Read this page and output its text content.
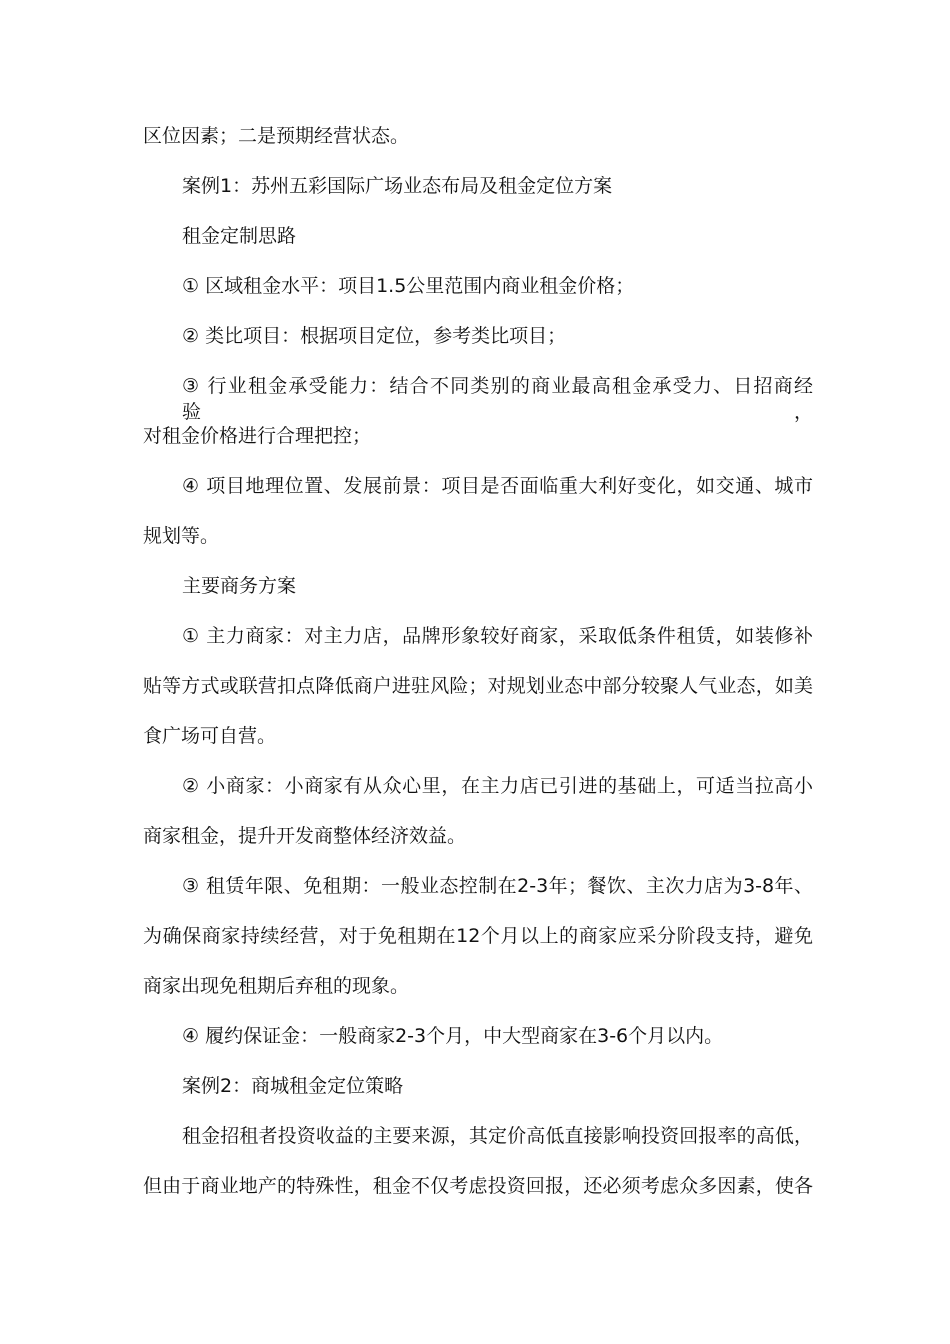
区位因素；二是预期经营状态。
案例1：苏州五彩国际广场业态布局及租金定位方案
租金定制思路
① 区域租金水平：项目1.5公里范围内商业租金价格；
② 类比项目：根据项目定位，参考类比项目；
③ 行业租金承受能力：结合不同类别的商业最高租金承受力、日招商经验，
对租金价格进行合理把控；
④ 项目地理位置、发展前景：项目是否面临重大利好变化，如交通、城市
规划等。
主要商务方案
① 主力商家：对主力店，品牌形象较好商家，采取低条件租赁，如装修补
贴等方式或联营扣点降低商户进驻风险；对规划业态中部分较聚人气业态，如美
食广场可自营。
② 小商家：小商家有从众心里，在主力店已引进的基础上，可适当拉高小
商家租金，提升开发商整体经济效益。
③ 租赁年限、免租期：一般业态控制在2-3年；餐饮、主次力店为3-8年、
为确保商家持续经营，对于免租期在12个月以上的商家应采分阶段支持，避免
商家出现免租期后弃租的现象。
④ 履约保证金：一般商家2-3个月，中大型商家在3-6个月以内。
案例2：商城租金定位策略
租金招租者投资收益的主要来源，其定价高低直接影响投资回报率的高低，
但由于商业地产的特殊性，租金不仅考虑投资回报，还必须考虑众多因素，使各
